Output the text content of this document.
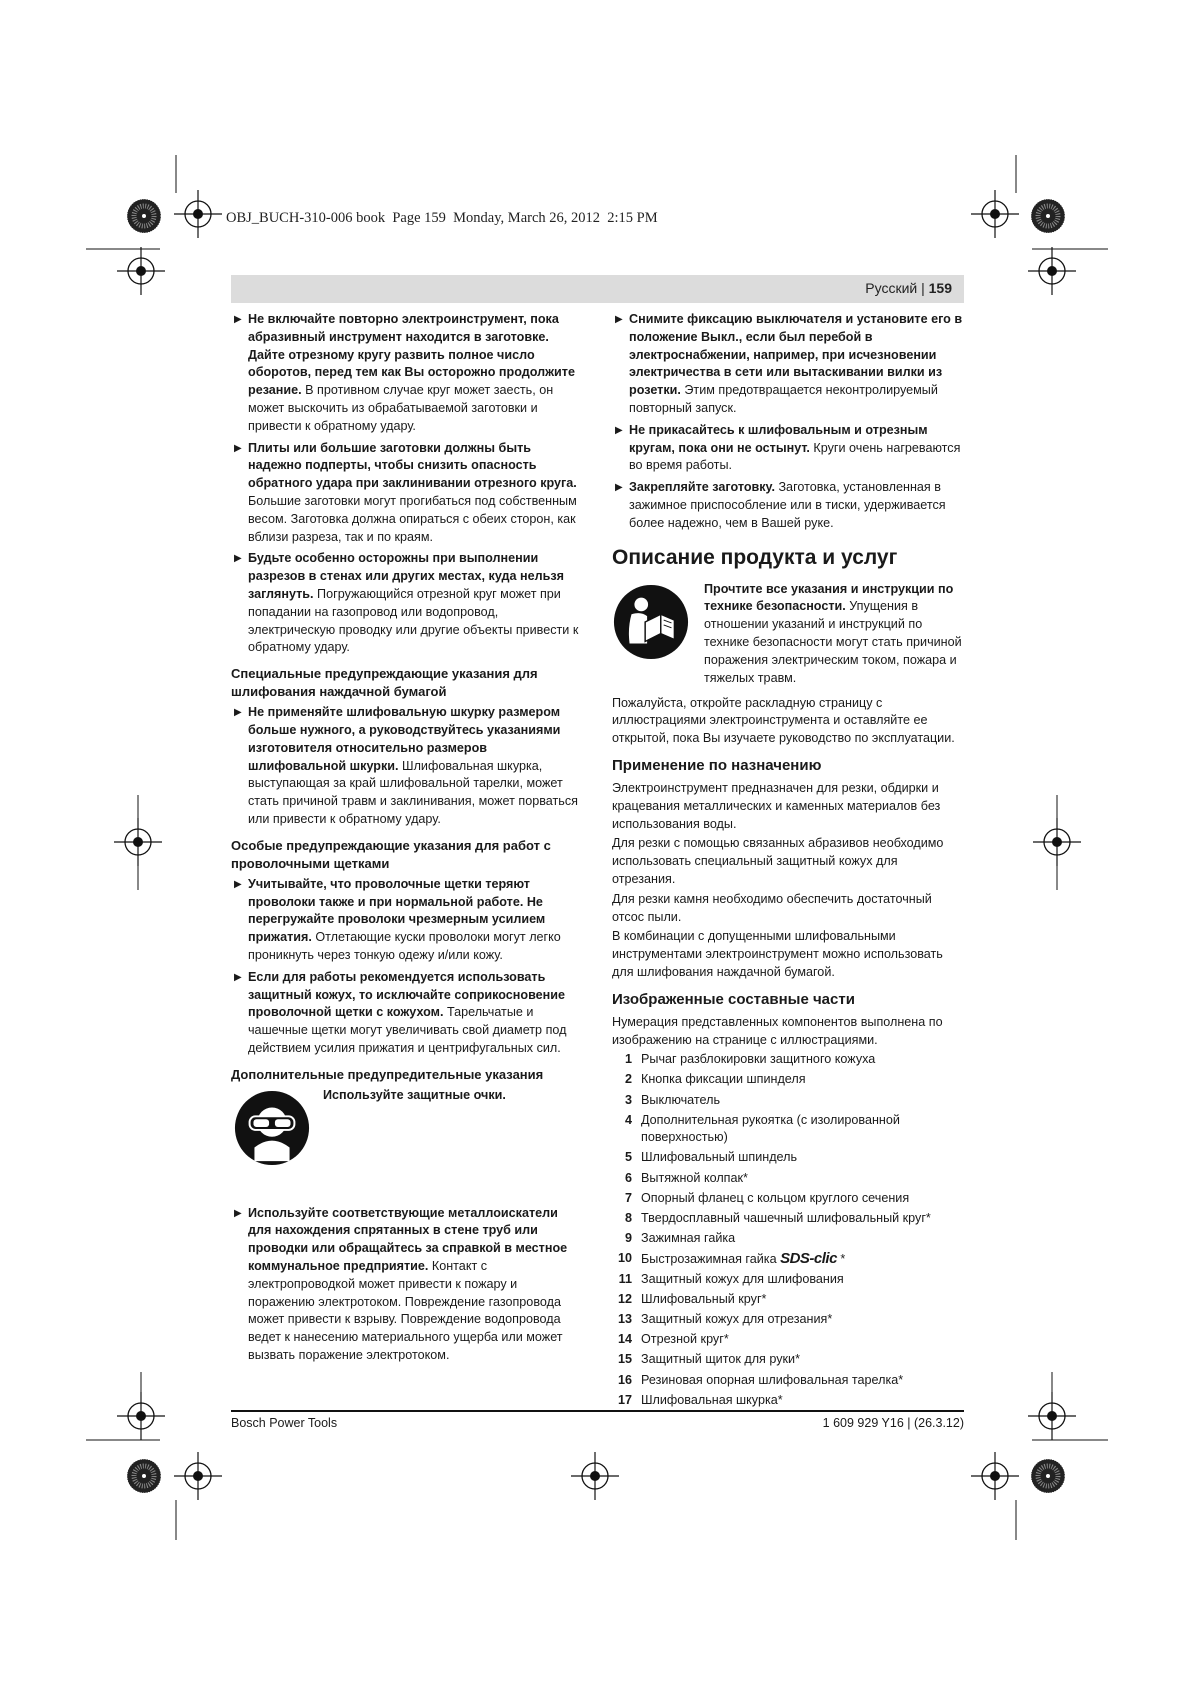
OBJ_BUCH-310-006 book  Page 159  Monday, March 26, 2012  2:15 PM
Русский | 159
▶ Не включайте повторно электроинструмент, пока абразивный инструмент находится в заготовке. Дайте отрезному кругу развить полное число оборотов, перед тем как Вы осторожно продолжите резание. В противном случае круг может заесть, он может выскочить из обрабатываемой заготовки и привести к обратному удару.
▶ Плиты или большие заготовки должны быть надежно подперты, чтобы снизить опасность обратного удара при заклинивании отрезного круга. Большие заготовки могут прогибаться под собственным весом. Заготовка должна опираться с обеих сторон, как вблизи разреза, так и по краям.
▶ Будьте особенно осторожны при выполнении разрезов в стенах или других местах, куда нельзя заглянуть. Погружающийся отрезной круг может при попадании на газопровод или водопровод, электрическую проводку или другие объекты привести к обратному удару.
Специальные предупреждающие указания для шлифования наждачной бумагой
▶ Не применяйте шлифовальную шкурку размером больше нужного, а руководствуйтесь указаниями изготовителя относительно размеров шлифовальной шкурки. Шлифовальная шкурка, выступающая за край шлифовальной тарелки, может стать причиной травм и заклинивания, может порваться или привести к обратному удару.
Особые предупреждающие указания для работ с проволочными щетками
▶ Учитывайте, что проволочные щетки теряют проволоки также и при нормальной работе. Не перегружайте проволоки чрезмерным усилием прижатия. Отлетающие куски проволоки могут легко проникнуть через тонкую одежу и/или кожу.
▶ Если для работы рекомендуется использовать защитный кожух, то исключайте соприкосновение проволочной щетки с кожухом. Тарельчатые и чашечные щетки могут увеличивать свой диаметр под действием усилия прижатия и центрифугальных сил.
Дополнительные предупредительные указания
Используйте защитные очки.
▶ Используйте соответствующие металлоискатели для нахождения спрятанных в стене труб или проводки или обращайтесь за справкой в местное коммунальное предприятие. Контакт с электропроводкой может привести к пожару и поражению электротоком. Повреждение газопровода может привести к взрыву. Повреждение водопровода ведет к нанесению материального ущерба или может вызвать поражение электротоком.
▶ Снимите фиксацию выключателя и установите его в положение Выкл., если был перебой в электроснабжении, например, при исчезновении электричества в сети или вытаскивании вилки из розетки. Этим предотвращается неконтролируемый повторный запуск.
▶ Не прикасайтесь к шлифовальным и отрезным кругам, пока они не остынут. Круги очень нагреваются во время работы.
▶ Закрепляйте заготовку. Заготовка, установленная в зажимное приспособление или в тиски, удерживается более надежно, чем в Вашей руке.
Описание продукта и услуг
Прочтите все указания и инструкции по технике безопасности. Упущения в отношении указаний и инструкций по технике безопасности могут стать причиной поражения электрическим током, пожара и тяжелых травм.

Пожалуйста, откройте раскладную страницу с иллюстрациями электроинструмента и оставляйте ее открытой, пока Вы изучаете руководство по эксплуатации.

Применение по назначению

Электроинструмент предназначен для резки, обдирки и крацевания металлических и каменных материалов без использования воды.

Для резки с помощью связанных абразивов необходимо использовать специальный защитный кожух для отрезания.

Для резки камня необходимо обеспечить достаточный отсос пыли.

В комбинации с допущенными шлифовальными инструментами электроинструмент можно использовать для шлифования наждачной бумагой.

Изображенные составные части

Нумерация представленных компонентов выполнена по изображению на странице с иллюстрациями.

1 Рычаг разблокировки защитного кожуха
2 Кнопка фиксации шпинделя
3 Выключатель
4 Дополнительная рукоятка (с изолированной поверхностью)
5 Шлифовальный шпиндель
6 Вытяжной колпак*
7 Опорный фланец с кольцом круглого сечения
8 Твердосплавный чашечный шлифовальный круг*
9 Зажимная гайка
10 Быстрозажимная гайка SDS-clic *
11 Защитный кожух для шлифования
12 Шлифовальный круг*
13 Защитный кожух для отрезания*
14 Отрезной круг*
15 Защитный щиток для руки*
16 Резиновая опорная шлифовальная тарелка*
17 Шлифовальная шкурка*
Bosch Power Tools	1 609 929 Y16 | (26.3.12)
